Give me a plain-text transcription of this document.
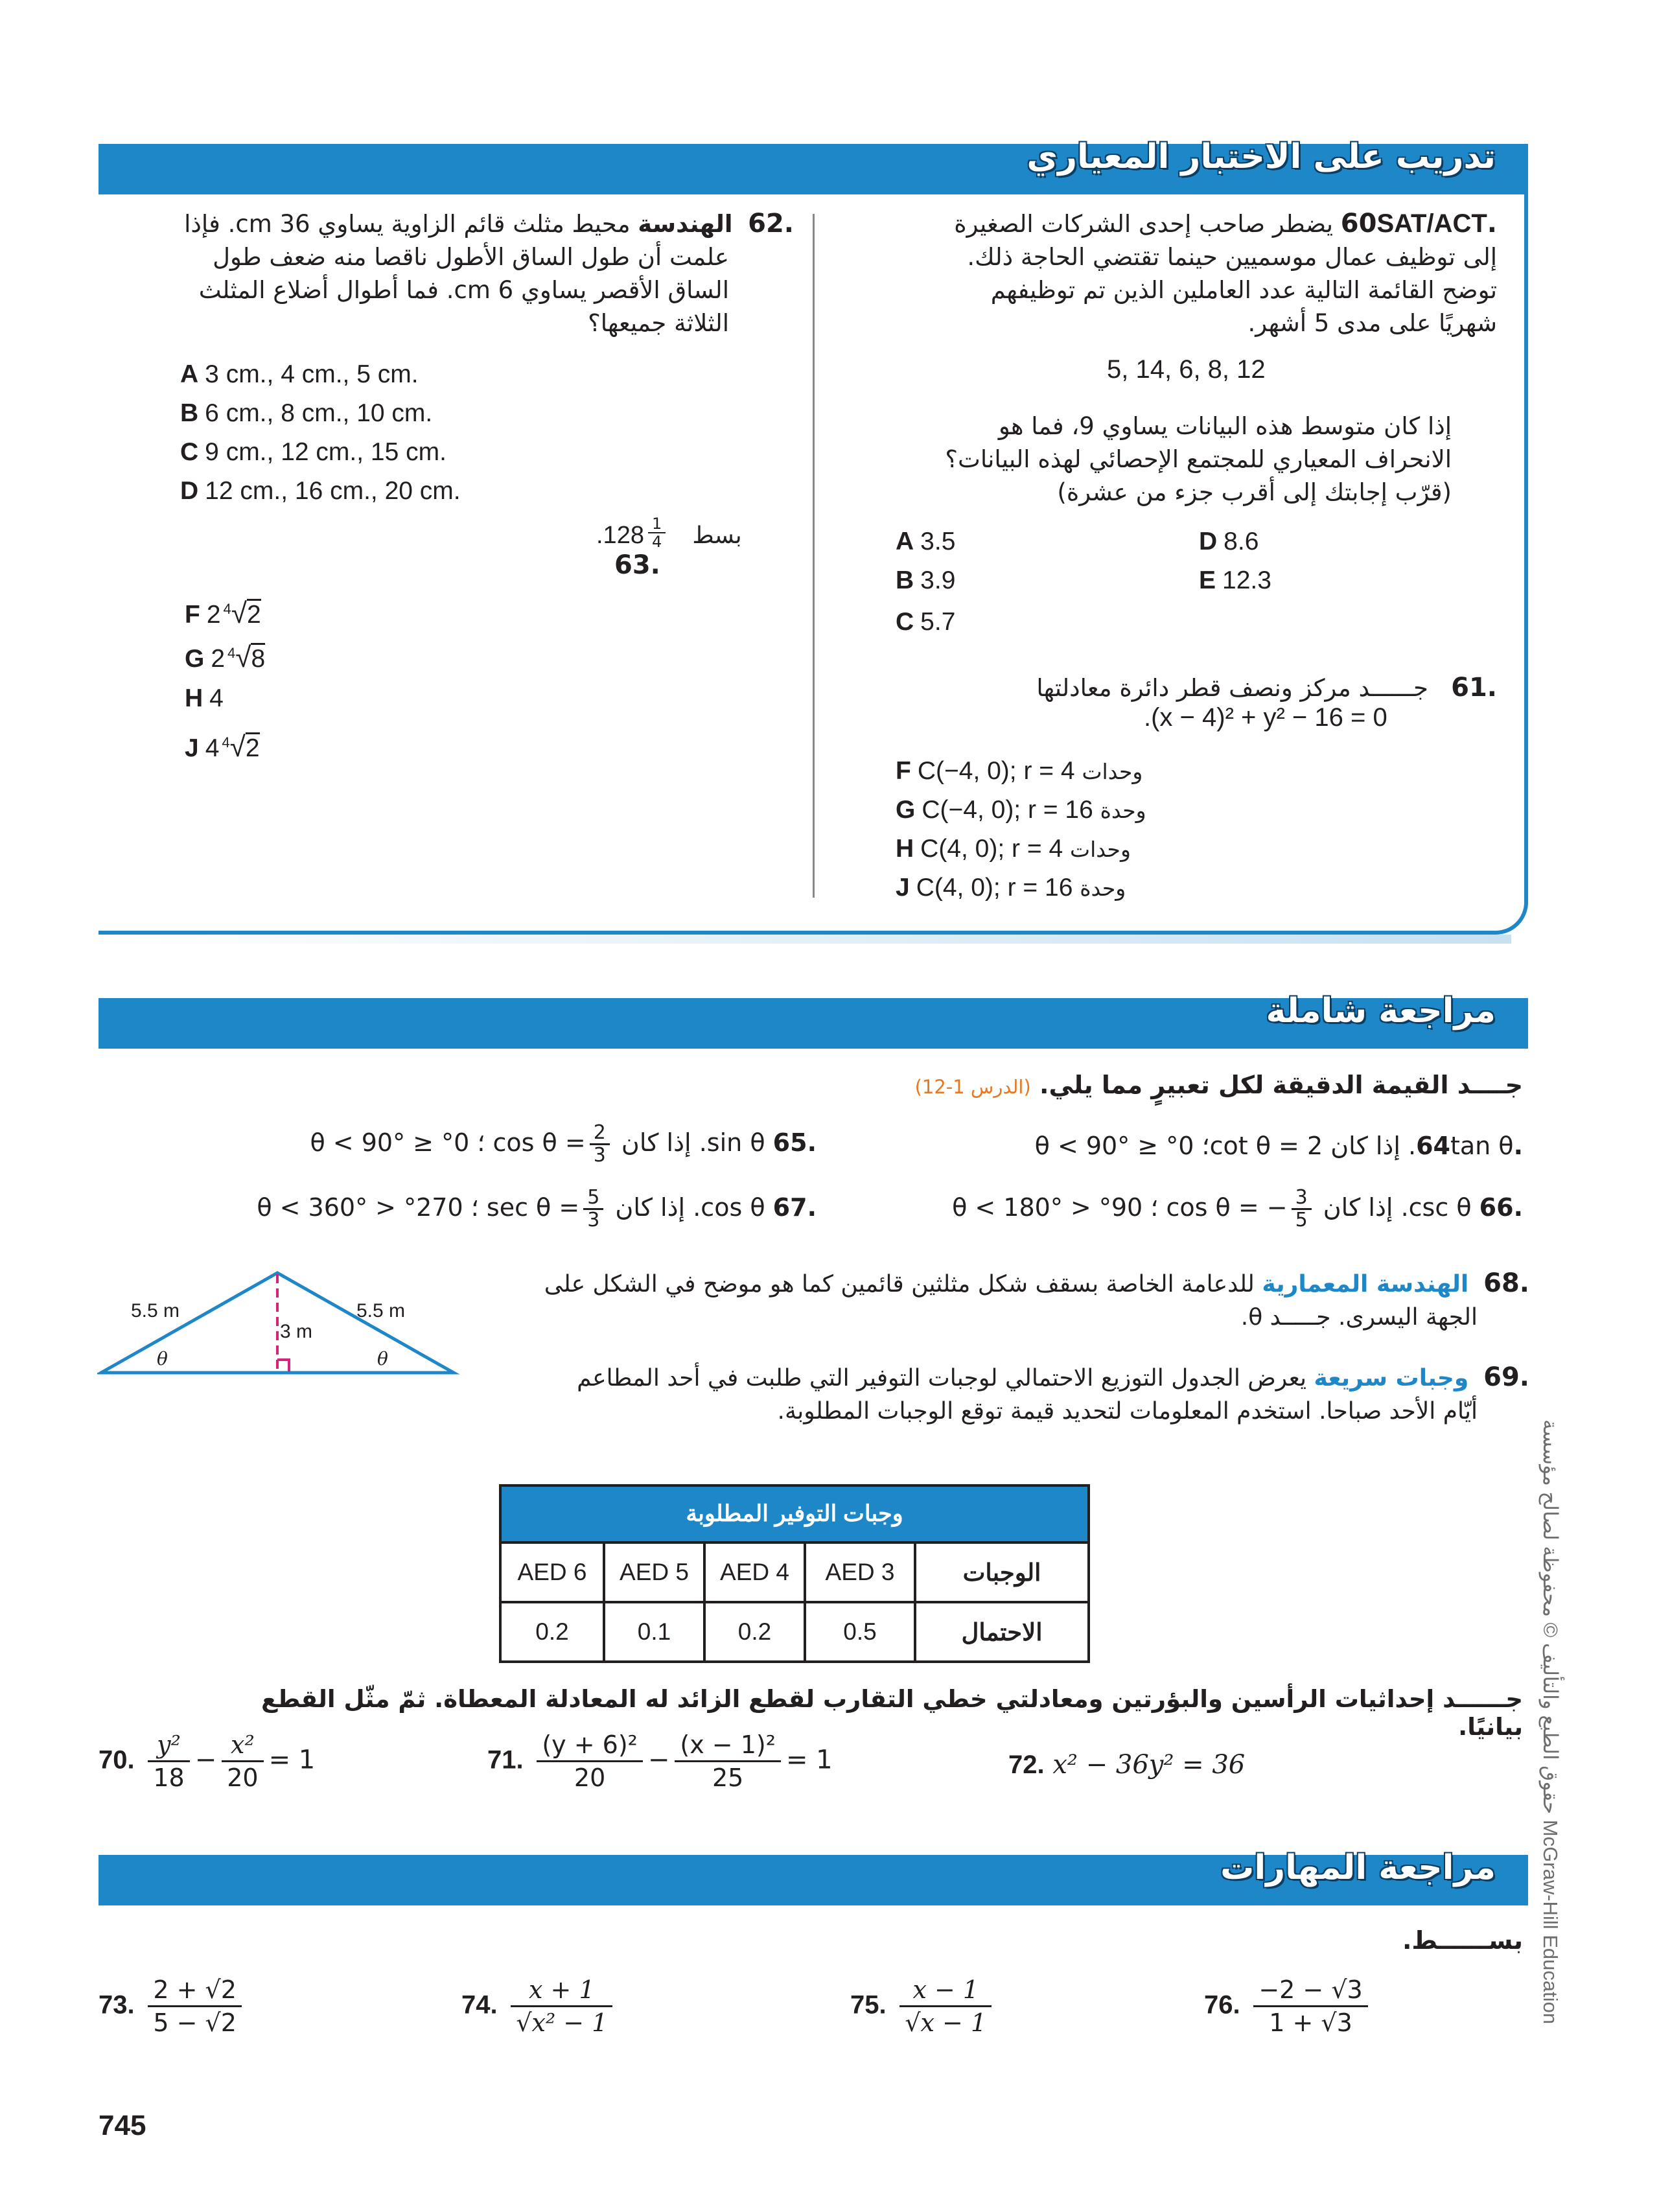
تدريب على الاختبار المعياري
.60SAT/ACT يضطر صاحب إحدى الشركات الصغيرة
إلى توظيف عمال موسميين حينما تقتضي الحاجة ذلك.
توضح القائمة التالية عدد العاملين الذين تم توظيفهم
شهريًا على مدى 5 أشهر.
5, 14, 6, 8, 12
إذا كان متوسط هذه البيانات يساوي 9، فما هو
الانحراف المعياري للمجتمع الإحصائي لهذه البيانات؟
(قرّب إجابتك إلى أقرب جزء من عشرة)
A 3.5
B 3.9
C 5.7
D 8.6
E 12.3
.61   جــــــد مركز ونصف قطر دائرة معادلتها
.(x − 4)² + y² − 16 = 0
F C(−4, 0); r = 4 وحدات
G C(−4, 0); r = 16 وحدة
H C(4, 0); r = 4 وحدات
J C(4, 0); r = 16 وحدة
.62  الهندسة محيط مثلث قائم الزاوية يساوي 36 cm. فإذا
علمت أن طول الساق الأطول ناقصا منه ضعف طول
الساق الأقصر يساوي 6 cm. فما أطوال أضلاع المثلث
الثلاثة جميعها؟
A 3 cm., 4 cm., 5 cm.
B 6 cm., 8 cm., 10 cm.
C 9 cm., 12 cm., 15 cm.
D 12 cm., 16 cm., 20 cm.
$.128 \frac{1}{4}$ بسط .63
F 2 $^4$√2
G 2 $^4$√8
H 4
J 4 $^4$√2
مراجعة شاملة
جــــد القيمة الدقيقة لكل تعبيرٍ مما يلي. (الدرس 1-12)
.64tan θ. إذا كان cot θ = 2؛ 0° ≤ θ < 90°
.65 sin θ. إذا كان $\cos \theta = \frac{2}{3}$
؛ 0° ≤ θ < 90°
.66 csc θ. إذا كان cos θ = − $\frac{3}{5}$
؛ 90° < θ < 180°
.67 cos θ. إذا كان $\sec \theta = \frac{5}{3}$
؛ 270° < θ < 360°
.68  الهندسة المعمارية للدعامة الخاصة بسقف شكل مثلثين قائمين كما هو موضح في الشكل على
الجهة اليسرى. جـــــد θ.
5.5 m	5.5 m
3 m
θ	θ
.69  وجبات سريعة يعرض الجدول التوزيع الاحتمالي لوجبات التوفير التي طلبت في أحد المطاعم
أيّام الأحد صباحا. استخدم المعلومات لتحديد قيمة توقع الوجبات المطلوبة.
وجبات التوفير المطلوبة				
AED 6	AED 5	AED 4	AED 3	الوجبات
0.2	0.1	0.2	0.5	الاحتمال
جــــــد إحداثيات الرأسين والبؤرتين ومعادلتي خطي التقارب لقطع الزائد له المعادلة المعطاة. ثمّ مثّل القطع بيانيًا.
70. $\frac{\text{y²}}{18} - \frac{\text{x²}}{20} = 1$	71. $\frac{\text{(y + 6)²}}{20} - \frac{\text{(x − 1)²}}{25} = 1$	72. x² − 36y² = 36
مراجعة المهارات
بســــــط.
73. $\frac{2 + √2}{5 - √2}$	74. $\frac{x + 1}{\text{√x² − 1}}$	75. $\frac{x - 1}{√x - 1}$	76. $\frac{-2 - √3}{1 + √3}$
حقوق الطبع والتأليف © محفوظة لصالح مؤسسة McGraw-Hill Education
745
